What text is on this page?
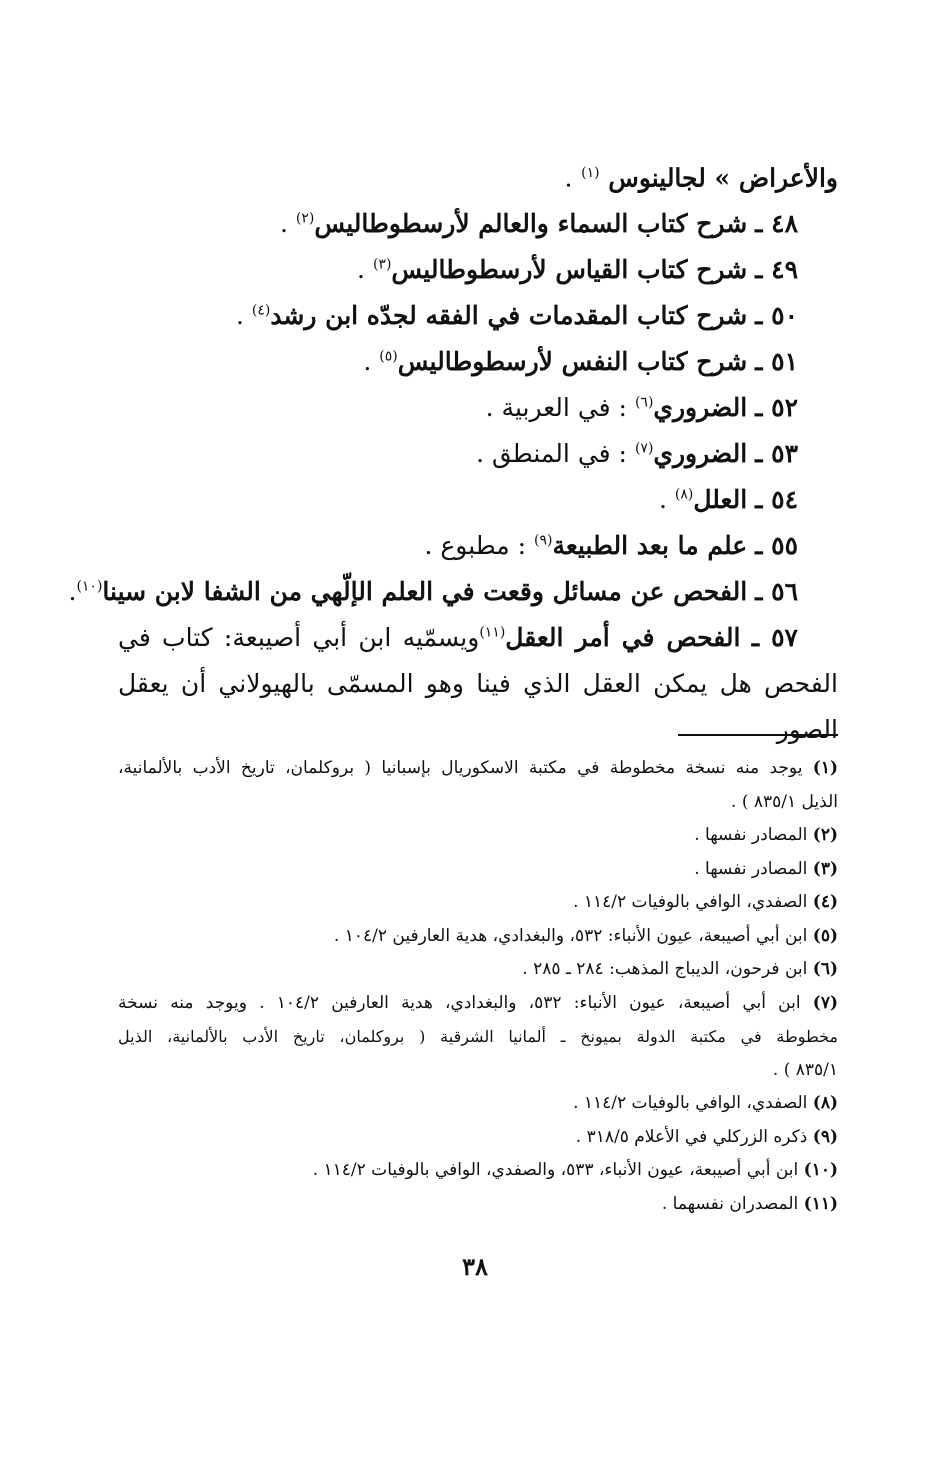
والأعراض » لجالينوس $^{(١)}$ .
٤٨ ـ شرح كتاب السماء والعالم لأرسطوطاليس$^{(٢)}$ .
٤٩ ـ شرح كتاب القياس لأرسطوطاليس$^{(٣)}$ .
٥٠ ـ شرح كتاب المقدمات في الفقه لجدّه ابن رشد$^{(٤)}$ .
٥١ ـ شرح كتاب النفس لأرسطوطاليس$^{(٥)}$ .
٥٢ ـ الضروري$^{(٦)}$ : في العربية .
٥٣ ـ الضروري$^{(٧)}$ : في المنطق .
٥٤ ـ العلل$^{(٨)}$ .
٥٥ ـ علم ما بعد الطبيعة$^{(٩)}$ : مطبوع .
٥٦ ـ الفحص عن مسائل وقعت في العلم الإلّهي من الشفا لابن سينا$^{(١٠)}$.
٥٧ ـ الفحص في أمر العقل$^{(١١)}$ويسمّيه ابن أبي أصيبعة: كتاب في
الفحص هل يمكن العقل الذي فينا وهو المسمّى بالهيولاني أن يعقل الصور
(١) يوجد منه نسخة مخطوطة في مكتبة الاسكوريال بإسبانيا ( بروكلمان، تاريخ الأدب بالألمانية،
الذيل ٨٣٥/١ ) .
(٢) المصادر نفسها .
(٣) المصادر نفسها .
(٤) الصفدي، الوافي بالوفيات ١١٤/٢ .
(٥) ابن أبي أصيبعة، عيون الأنباء: ٥٣٢، والبغدادي، هدية العارفين ١٠٤/٢ .
(٦) ابن فرحون، الديباج المذهب: ٢٨٤ ـ ٢٨٥ .
(٧) ابن أبي أصيبعة، عيون الأنباء: ٥٣٢، والبغدادي، هدية العارفين ١٠٤/٢ . ويوجد منه نسخة
مخطوطة في مكتبة الدولة بميونخ ـ ألمانيا الشرقية ( بروكلمان، تاريخ الأدب بالألمانية، الذيل
٨٣٥/١ ) .
(٨) الصفدي، الوافي بالوفيات ١١٤/٢ .
(٩) ذكره الزركلي في الأعلام ٣١٨/٥ .
(١٠) ابن أبي أصيبعة، عيون الأنباء، ٥٣٣، والصفدي، الوافي بالوفيات ١١٤/٢ .
(١١) المصدران نفسهما .
٣٨
